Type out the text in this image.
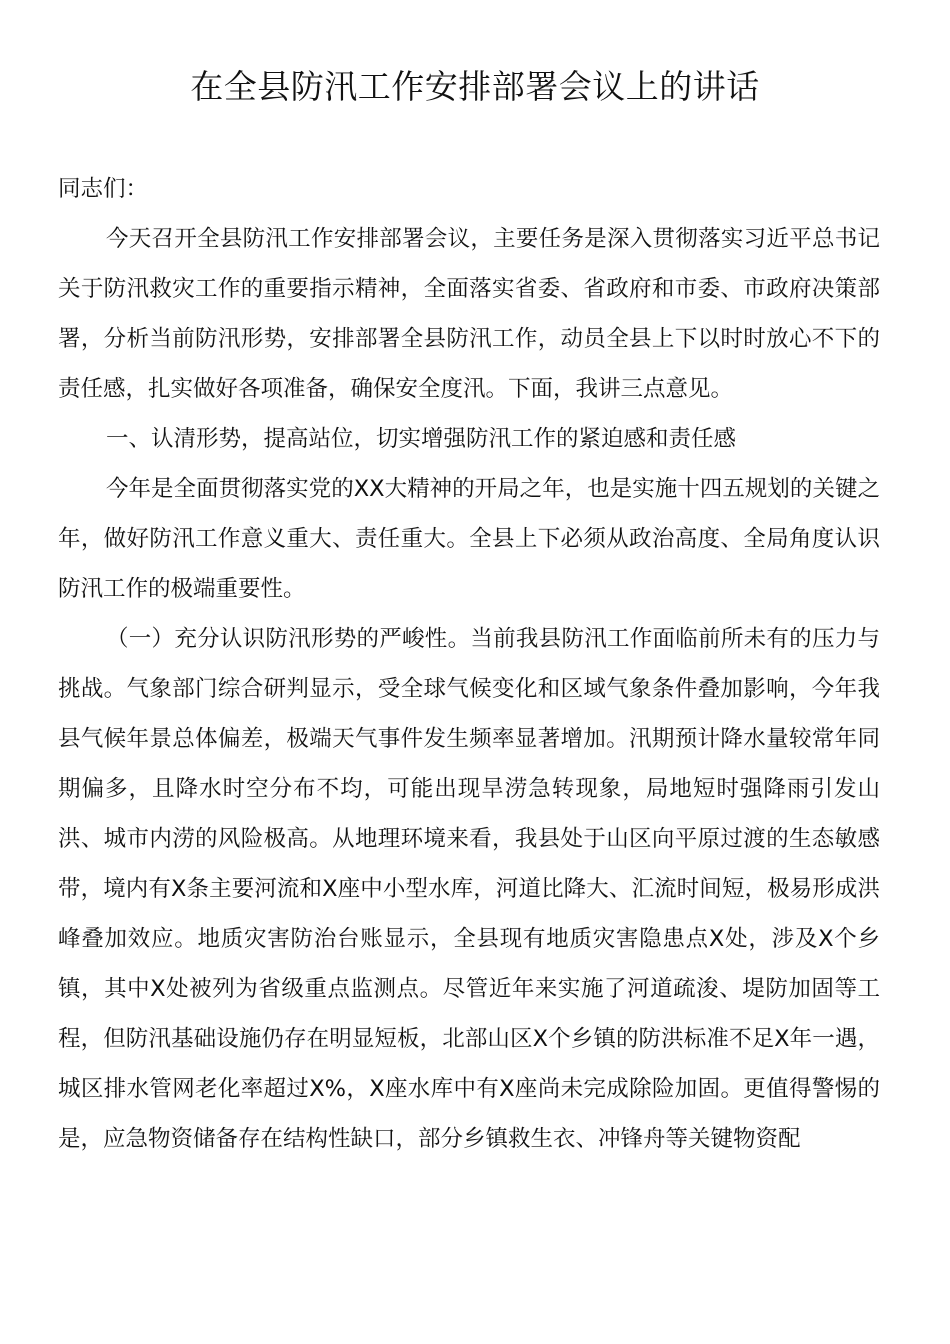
在全县防汛工作安排部署会议上的讲话

同志们：

今天召开全县防汛工作安排部署会议，主要任务是深入贯彻落实习近平总书记关于防汛救灾工作的重要指示精神，全面落实省委、省政府和市委、市政府决策部署，分析当前防汛形势，安排部署全县防汛工作，动员全县上下以时时放心不下的责任感，扎实做好各项准备，确保安全度汛。下面，我讲三点意见。

一、认清形势，提高站位，切实增强防汛工作的紧迫感和责任感

今年是全面贯彻落实党的XX大精神的开局之年，也是实施十四五规划的关键之年，做好防汛工作意义重大、责任重大。全县上下必须从政治高度、全局角度认识防汛工作的极端重要性。

（一）充分认识防汛形势的严峻性。当前我县防汛工作面临前所未有的压力与挑战。气象部门综合研判显示，受全球气候变化和区域气象条件叠加影响，今年我县气候年景总体偏差，极端天气事件发生频率显著增加。汛期预计降水量较常年同期偏多，且降水时空分布不均，可能出现旱涝急转现象，局地短时强降雨引发山洪、城市内涝的风险极高。从地理环境来看，我县处于山区向平原过渡的生态敏感带，境内有X条主要河流和X座中小型水库，河道比降大、汇流时间短，极易形成洪峰叠加效应。地质灾害防治台账显示，全县现有地质灾害隐患点X处，涉及X个乡镇，其中X处被列为省级重点监测点。尽管近年来实施了河道疏浚、堤防加固等工程，但防汛基础设施仍存在明显短板，北部山区X个乡镇的防洪标准不足X年一遇，城区排水管网老化率超过X%，X座水库中有X座尚未完成除险加固。更值得警惕的是，应急物资储备存在结构性缺口，部分乡镇救生衣、冲锋舟等关键物资配
